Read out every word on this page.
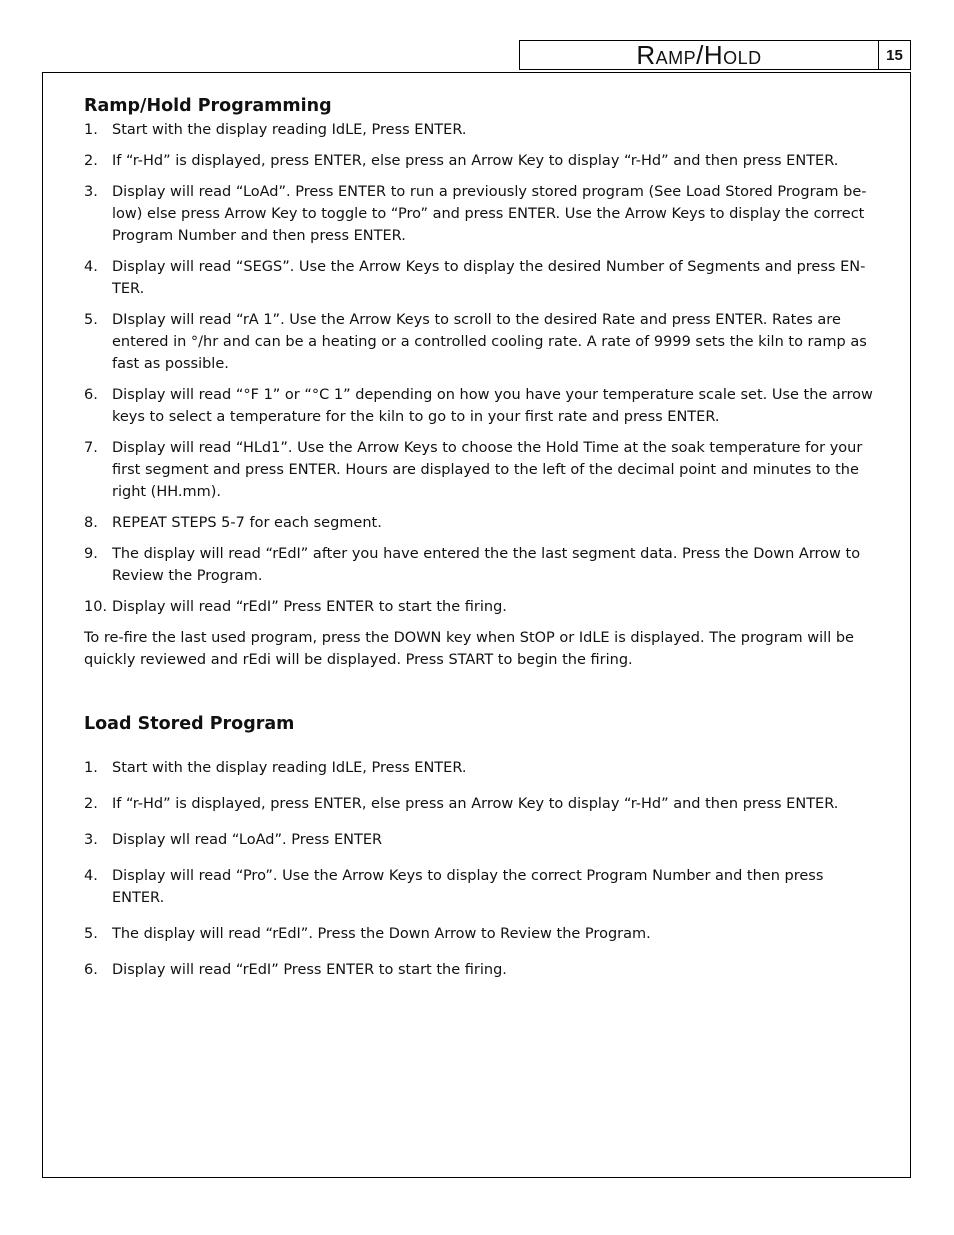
Ramp/Hold	15
Ramp/Hold Programming
1. Start with the display reading IdLE, Press ENTER.
2. If “r-Hd” is displayed, press ENTER, else press an Arrow Key to display “r-Hd” and then press ENTER.
3. Display will read “LoAd”. Press ENTER to run a previously stored program (See Load Stored Program be-low) else press Arrow Key to toggle to “Pro” and press ENTER. Use the Arrow Keys to display the correct Program Number and then press ENTER.
4. Display will read “SEGS”. Use the Arrow Keys to display the desired Number of Segments and press EN-TER.
5. DIsplay will read “rA 1”. Use the Arrow Keys to scroll to the desired Rate and press ENTER. Rates are entered in °/hr and can be a heating or a controlled cooling rate. A rate of 9999 sets the kiln to ramp as fast as possible.
6. Display will read “°F 1” or “°C 1” depending on how you have your temperature scale set. Use the arrow keys to select a temperature for the kiln to go to in your first rate and press ENTER.
7. Display will read “HLd1”. Use the Arrow Keys to choose the Hold Time at the soak temperature for your first segment and press ENTER. Hours are displayed to the left of the decimal point and minutes to the right (HH.mm).
8. REPEAT STEPS 5-7 for each segment.
9. The display will read “rEdI” after you have entered the the last segment data. Press the Down Arrow to Review the Program.
10. Display will read “rEdI” Press ENTER to start the firing.

To re-fire the last used program, press the DOWN key when StOP or IdLE is displayed. The program will be quickly reviewed and rEdi will be displayed. Press START to begin the firing.

Load Stored Program
1. Start with the display reading IdLE, Press ENTER.
2. If “r-Hd” is displayed, press ENTER, else press an Arrow Key to display “r-Hd” and then press ENTER.
3. Display wll read “LoAd”. Press ENTER
4. Display will read “Pro”. Use the Arrow Keys to display the correct Program Number and then press ENTER.
5. The display will read “rEdI”. Press the Down Arrow to Review the Program.
6. Display will read “rEdI” Press ENTER to start the firing.
